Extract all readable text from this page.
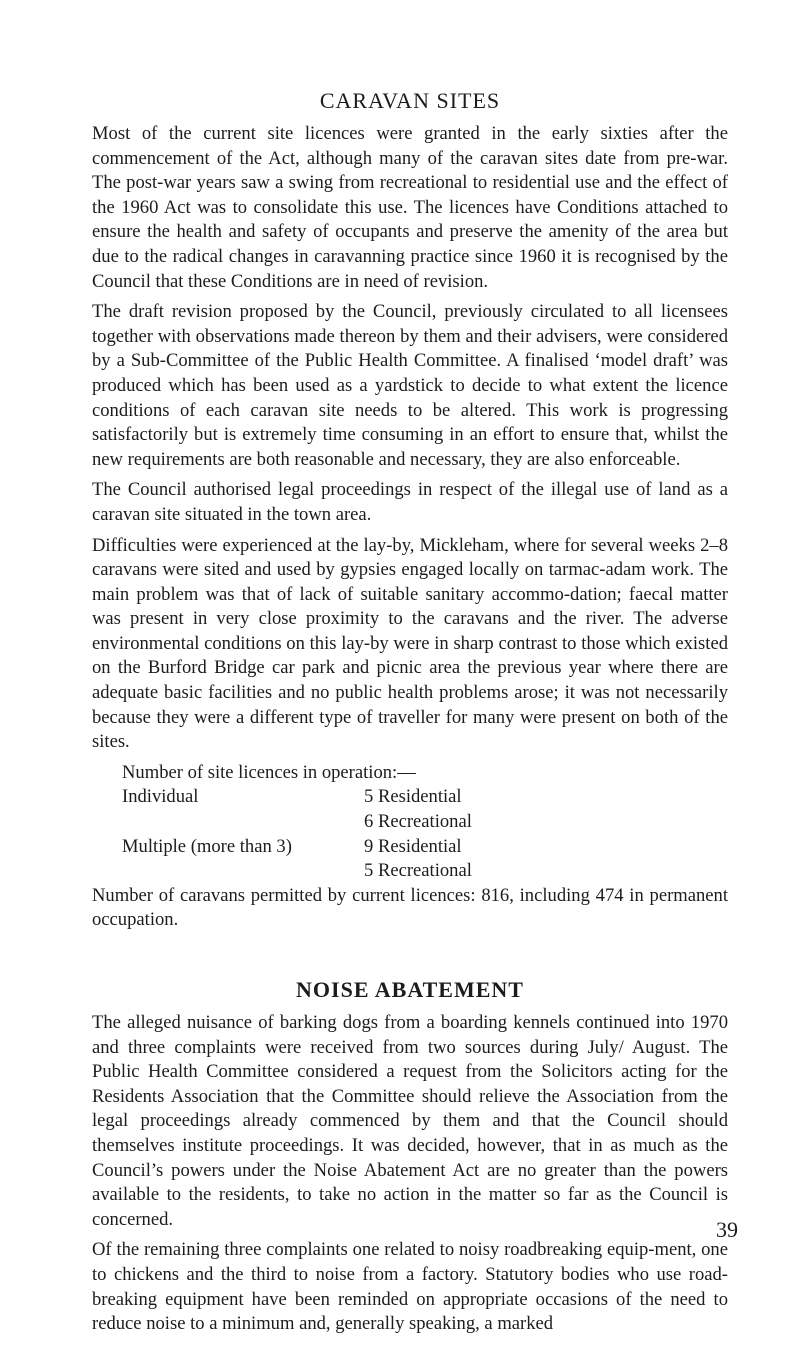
CARAVAN SITES

Most of the current site licences were granted in the early sixties after the commencement of the Act, although many of the caravan sites date from pre-war. The post-war years saw a swing from recreational to residential use and the effect of the 1960 Act was to consolidate this use. The licences have Conditions attached to ensure the health and safety of occupants and preserve the amenity of the area but due to the radical changes in caravanning practice since 1960 it is recognised by the Council that these Conditions are in need of revision.

The draft revision proposed by the Council, previously circulated to all licensees together with observations made thereon by them and their advisers, were considered by a Sub-Committee of the Public Health Committee. A finalised ‘model draft’ was produced which has been used as a yardstick to decide to what extent the licence conditions of each caravan site needs to be altered. This work is progressing satisfactorily but is extremely time consuming in an effort to ensure that, whilst the new requirements are both reasonable and necessary, they are also enforceable.

The Council authorised legal proceedings in respect of the illegal use of land as a caravan site situated in the town area.

Difficulties were experienced at the lay-by, Mickleham, where for several weeks 2–8 caravans were sited and used by gypsies engaged locally on tarmac-adam work. The main problem was that of lack of suitable sanitary accommo-dation; faecal matter was present in very close proximity to the caravans and the river. The adverse environmental conditions on this lay-by were in sharp contrast to those which existed on the Burford Bridge car park and picnic area the previous year where there are adequate basic facilities and no public health problems arose; it was not necessarily because they were a different type of traveller for many were present on both of the sites.

Number of site licences in operation:—
Individual	5 Residential
	6 Recreational
Multiple (more than 3)	9 Residential
	5 Recreational

Number of caravans permitted by current licences: 816, including 474 in permanent occupation.

NOISE ABATEMENT

The alleged nuisance of barking dogs from a boarding kennels continued into 1970 and three complaints were received from two sources during July/ August. The Public Health Committee considered a request from the Solicitors acting for the Residents Association that the Committee should relieve the Association from the legal proceedings already commenced by them and that the Council should themselves institute proceedings. It was decided, however, that in as much as the Council’s powers under the Noise Abatement Act are no greater than the powers available to the residents, to take no action in the matter so far as the Council is concerned.

Of the remaining three complaints one related to noisy roadbreaking equip-ment, one to chickens and the third to noise from a factory. Statutory bodies who use road-breaking equipment have been reminded on appropriate occasions of the need to reduce noise to a minimum and, generally speaking, a marked

39
